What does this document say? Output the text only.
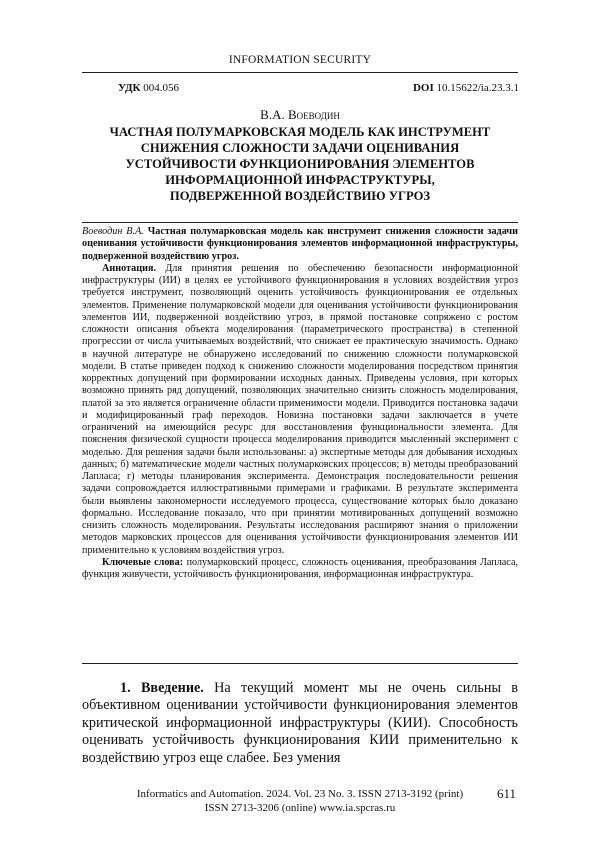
INFORMATION SECURITY
УДК 004.056	DOI 10.15622/ia.23.3.1
В.А. Воеводин
ЧАСТНАЯ ПОЛУМАРКОВСКАЯ МОДЕЛЬ КАК ИНСТРУМЕНТ
СНИЖЕНИЯ СЛОЖНОСТИ ЗАДАЧИ ОЦЕНИВАНИЯ
УСТОЙЧИВОСТИ ФУНКЦИОНИРОВАНИЯ ЭЛЕМЕНТОВ
ИНФОРМАЦИОННОЙ ИНФРАСТРУКТУРЫ,
ПОДВЕРЖЕННОЙ ВОЗДЕЙСТВИЮ УГРОЗ

Воеводин В.А. Частная полумарковская модель как инструмент снижения сложности задачи оценивания устойчивости функционирования элементов информационной инфраструктуры, подверженной воздействию угроз.

Аннотация. Для принятия решения по обеспечению безопасности информационной инфраструктуры (ИИ) в целях ее устойчивого функционирования в условиях воздействия угроз требуется инструмент, позволяющий оценить устойчивость функционирования ее отдельных элементов. Применение полумарковской модели для оценивания устойчивости функционирования элементов ИИ, подверженной воздействию угроз, в прямой постановке сопряжено с ростом сложности описания объекта моделирования (параметрического пространства) в степенной прогрессии от числа учитываемых воздействий, что снижает ее практическую значимость. Однако в научной литературе не обнаружено исследований по снижению сложности полумарковской модели. В статье приведен подход к снижению сложности моделирования посредством принятия корректных допущений при формировании исходных данных. Приведены условия, при которых возможно принять ряд допущений, позволяющих значительно снизить сложность моделирования, платой за это является ограничение области применимости модели. Приводится постановка задачи и модифицированный граф переходов. Новизна постановки задачи заключается в учете ограничений на имеющийся ресурс для восстановления функциональности элемента. Для пояснения физической сущности процесса моделирования приводится мысленный эксперимент с моделью. Для решения задачи были использованы: а) экспертные методы для добывания исходных данных; б) математические модели частных полумарковских процессов; в) методы преобразований Лапласа; г) методы планирования эксперимента. Демонстрация последовательности решения задачи сопровождается иллюстративными примерами и графиками. В результате эксперимента были выявлены закономерности исследуемого процесса, существование которых было доказано формально. Исследование показало, что при принятии мотивированных допущений возможно снизить сложность моделирования. Результаты исследования расширяют знания о приложении методов марковских процессов для оценивания устойчивости функционирования элементов ИИ применительно к условиям воздействия угроз.

Ключевые слова: полумарковский процесс, сложность оценивания, преобразования Лапласа, функция живучести, устойчивость функционирования, информационная инфраструктура.

1. Введение. На текущий момент мы не очень сильны в объективном оценивании устойчивости функционирования элементов критической информационной инфраструктуры (КИИ). Способность оценивать устойчивость функционирования КИИ применительно к воздействию угроз еще слабее. Без умения
Informatics and Automation. 2024. Vol. 23 No. 3. ISSN 2713-3192 (print)
ISSN 2713-3206 (online) www.ia.spcras.ru
611
